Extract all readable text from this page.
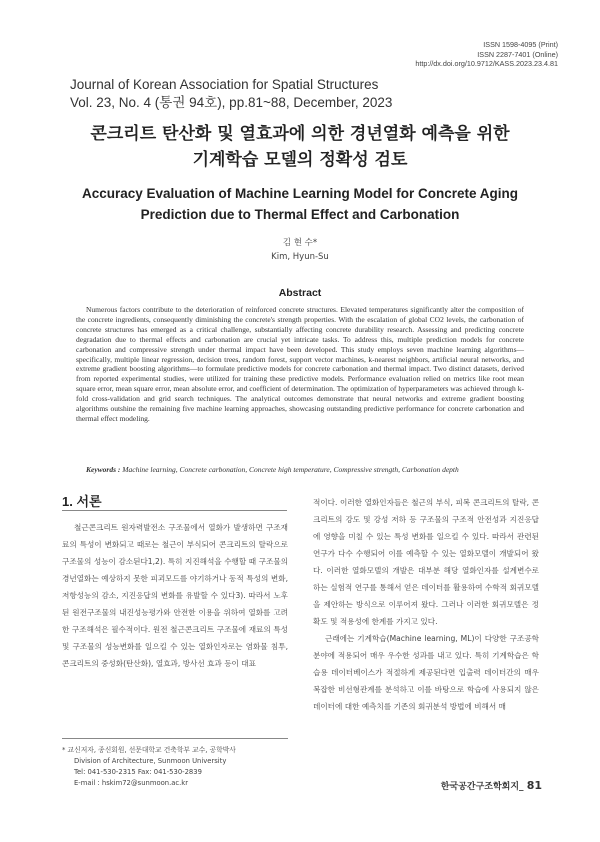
ISSN 1598-4095 (Print)
ISSN 2287-7401 (Online)
http://dx.doi.org/10.9712/KASS.2023.23.4.81
Journal of Korean Association for Spatial Structures
Vol. 23, No. 4 (통권 94호), pp.81~88, December, 2023
콘크리트 탄산화 및 열효과에 의한 경년열화 예측을 위한
기계학습 모델의 정확성 검토
Accuracy Evaluation of Machine Learning Model for Concrete Aging
Prediction due to Thermal Effect and Carbonation
김 현 수*
Kim, Hyun-Su
Abstract
Numerous factors contribute to the deterioration of reinforced concrete structures. Elevated temperatures significantly alter the composition of the concrete ingredients, consequently diminishing the concrete's strength properties. With the escalation of global CO2 levels, the carbonation of concrete structures has emerged as a critical challenge, substantially affecting concrete durability research. Assessing and predicting concrete degradation due to thermal effects and carbonation are crucial yet intricate tasks. To address this, multiple prediction models for concrete carbonation and compressive strength under thermal impact have been developed. This study employs seven machine learning algorithms—specifically, multiple linear regression, decision trees, random forest, support vector machines, k-nearest neighbors, artificial neural networks, and extreme gradient boosting algorithms—to formulate predictive models for concrete carbonation and thermal impact. Two distinct datasets, derived from reported experimental studies, were utilized for training these predictive models. Performance evaluation relied on metrics like root mean square error, mean square error, mean absolute error, and coefficient of determination. The optimization of hyperparameters was achieved through k-fold cross-validation and grid search techniques. The analytical outcomes demonstrate that neural networks and extreme gradient boosting algorithms outshine the remaining five machine learning approaches, showcasing outstanding predictive performance for concrete carbonation and thermal effect modeling.
Keywords : Machine learning, Concrete carbonation, Concrete high temperature, Compressive strength, Carbonation depth
1. 서론

철근콘크리트 원자력발전소 구조물에서 열화가 발생하면 구조재료의 특성이 변화되고 때로는 철근이 부식되어 콘크리트의 탈락으로 구조물의 성능이 감소된다1,2). 특히 지진해석을 수행할 때 구조물의 경년열화는 예상하지 못한 피괴모드를 야기하거나 동적 특성의 변화, 저항성능의 감소, 지진응답의 변화를 유발할 수 있다3). 따라서 노후된 원전구조물의 내진성능평가와 안전한 이용을 위하여 열화를 고려한 구조해석은 필수적이다. 원전 철근콘크리트 구조물에 재료의 특성 및 구조물의 성능변화를 일으킬 수 있는 열화인자로는 염화물 침투, 콘크리트의 중성화(탄산화), 열효과, 방사선 효과 등이 대표

적이다. 이러한 열화인자들은 철근의 부식, 피복 콘크리트의 탈락, 콘크리트의 강도 및 강성 저하 등 구조물의 구조적 안전성과 지진응답에 영향을 미칠 수 있는 특성 변화를 일으킬 수 있다. 따라서 관련된 연구가 다수 수행되어 이를 예측할 수 있는 열화모델이 개발되어 왔다. 이러한 열화모델의 개발은 대부분 해당 열화인자를 설계변수로 하는 실험적 연구를 통해서 얻은 데이터를 활용하여 수학적 회귀모델을 제안하는 방식으로 이루어져 왔다. 그러나 이러한 회귀모델은 정확도 및 적용성에 한계를 가지고 있다.

근래에는 기계학습(Machine learning, ML)이 다양한 구조공학분야에 적용되어 매우 우수한 성과를 내고 있다. 특히 기계학습은 학습용 데이터베이스가 적절하게 제공된다면 입출력 데이터간의 매우 복잡한 비선형관계를 분석하고 이를 바탕으로 학습에 사용되지 않은 데이터에 대한 예측치를 기존의 회귀분석 방법에 비해서 매

* 교신저자, 종신회원, 선문대학교 건축학부 교수, 공학박사
Division of Architecture, Sunmoon University
Tel: 041-530-2315 Fax: 041-530-2839
E-mail : hskim72@sunmoon.ac.kr	한국공간구조학회지_ 81
